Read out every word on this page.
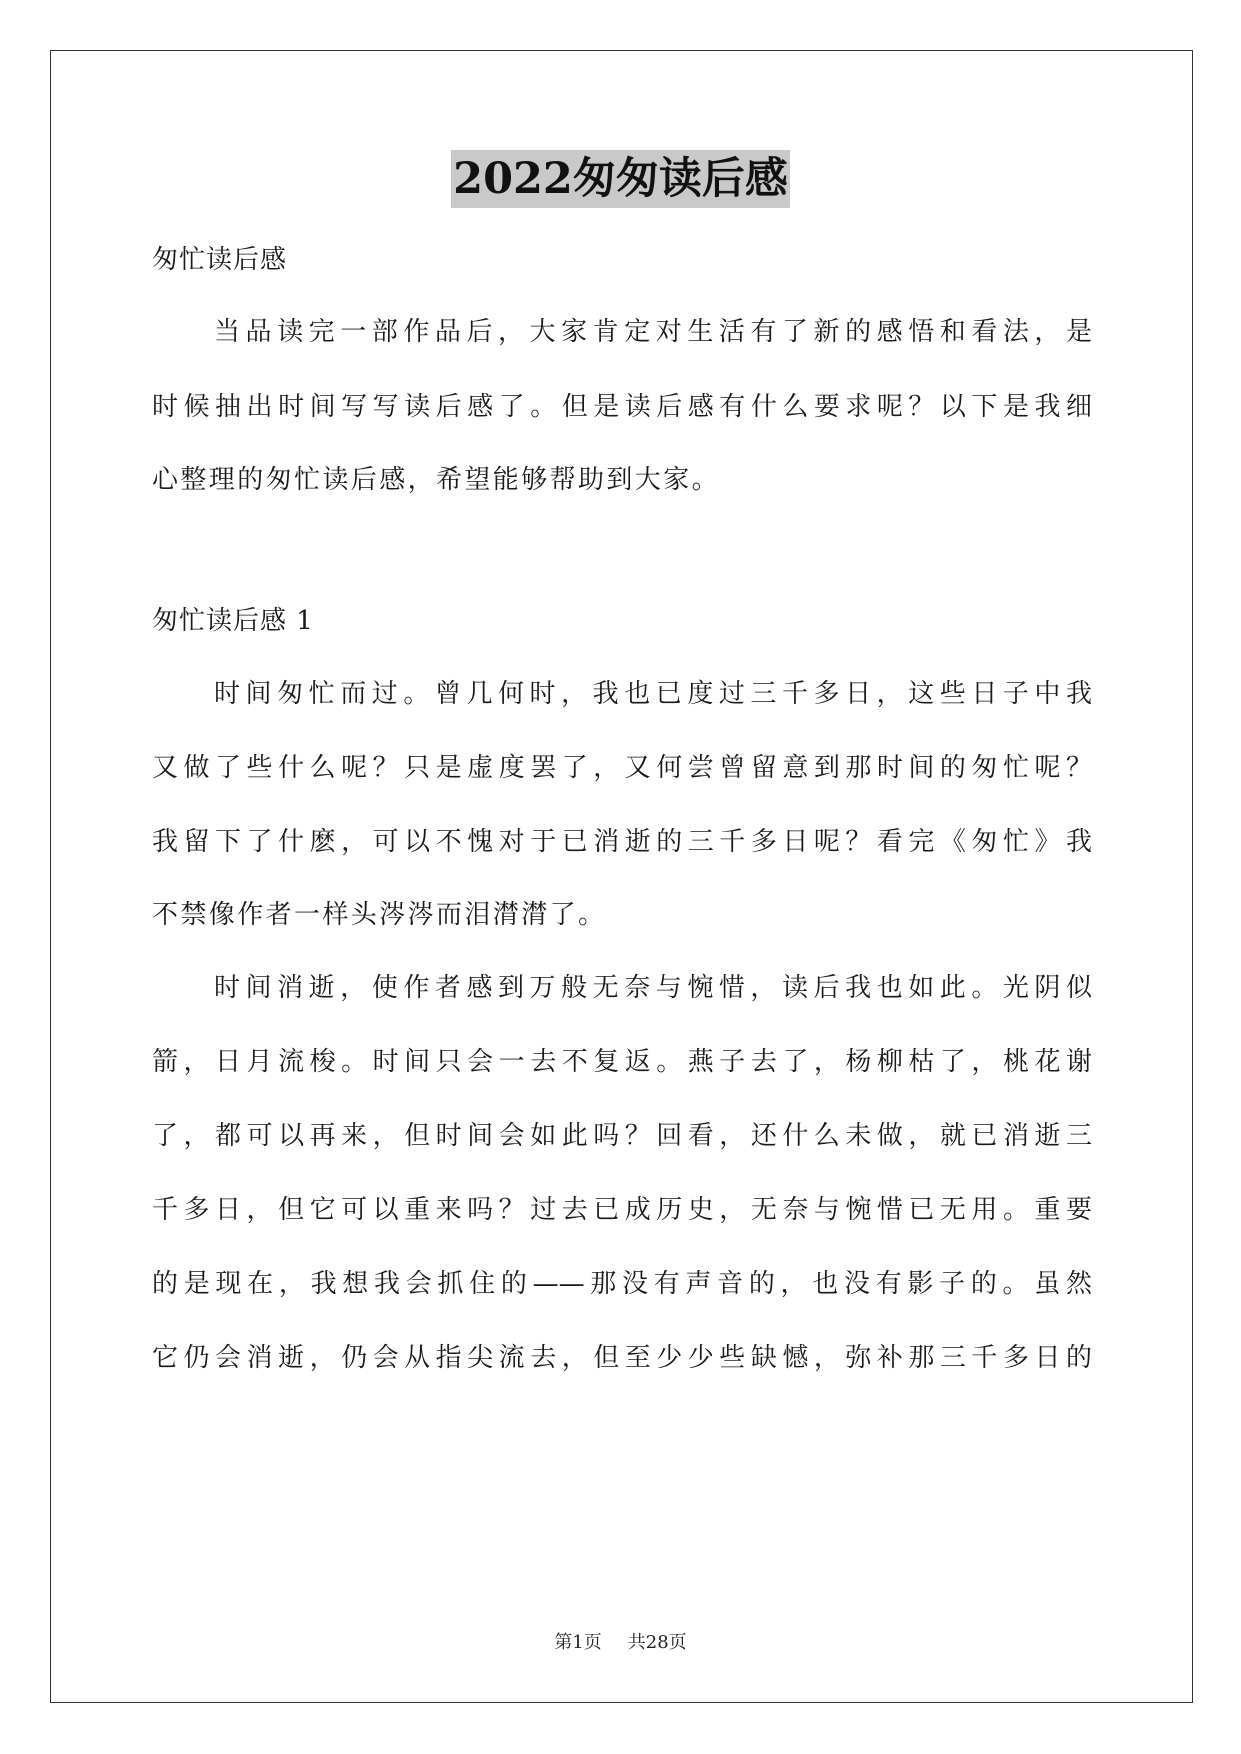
2022匆匆读后感
匆忙读后感
当品读完一部作品后，大家肯定对生活有了新的感悟和看法，是
时候抽出时间写写读后感了。但是读后感有什么要求呢？以下是我细
心整理的匆忙读后感，希望能够帮助到大家。
匆忙读后感 1
时间匆忙而过。曾几何时，我也已度过三千多日，这些日子中我
又做了些什么呢？只是虚度罢了，又何尝曾留意到那时间的匆忙呢？
我留下了什麽，可以不愧对于已消逝的三千多日呢？看完《匆忙》我
不禁像作者一样头涔涔而泪潸潸了。
时间消逝，使作者感到万般无奈与惋惜，读后我也如此。光阴似
箭，日月流梭。时间只会一去不复返。燕子去了，杨柳枯了，桃花谢
了，都可以再来，但时间会如此吗？回看，还什么未做，就已消逝三
千多日，但它可以重来吗？过去已成历史，无奈与惋惜已无用。重要
的是现在，我想我会抓住的——那没有声音的，也没有影子的。虽然
它仍会消逝，仍会从指尖流去，但至少少些缺憾，弥补那三千多日的
第1页 共28页
